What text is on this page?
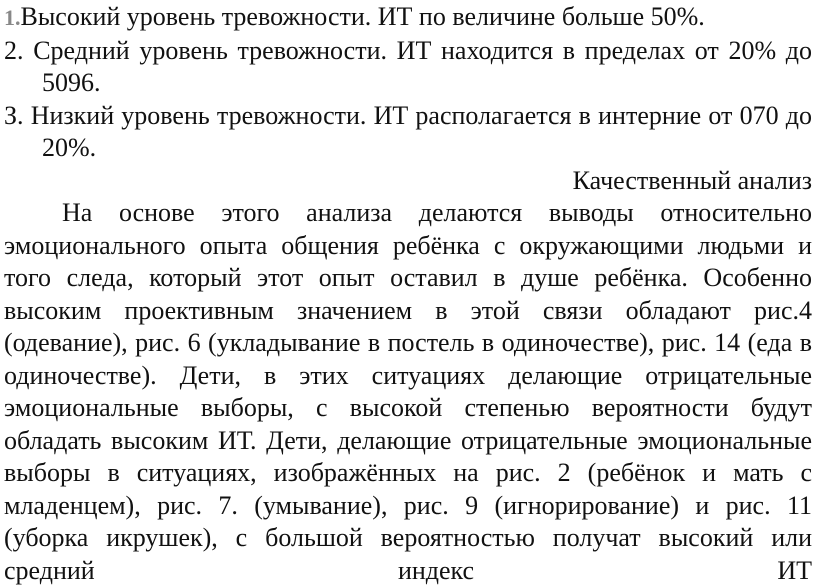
1.Высокий уровень тревожности. ИТ по величине больше 50%.

2. Средний уровень тревожности. ИТ находится в пределах от 20% до 5096.

З. Низкий уровень тревожности. ИТ располагается в интерние от 070 до 20%.

Качественный анализ

На основе этого анализа делаются выводы относительно эмоционального опыта общения ребёнка с окружающими людьми и того следа, который этот опыт оставил в душе ребёнка. Особенно высоким проективным значением в этой связи обладают рис.4 (одевание), рис. 6 (укладывание в постель в одиночестве), рис. 14 (еда в одиночестве). Дети, в этих ситуациях делающие отрицательные эмоциональные выборы, с высокой степенью вероятности будут обладать высоким ИТ. Дети, делающие отрицательные эмоциональные выборы в ситуациях, изображённых на рис. 2 (ребёнок и мать с младенцем), рис. 7. (умывание), рис. 9 (игнорирование) и рис. 11 (уборка икрушек), с большой вероятностью получат высокий или средний индекс ИТ
